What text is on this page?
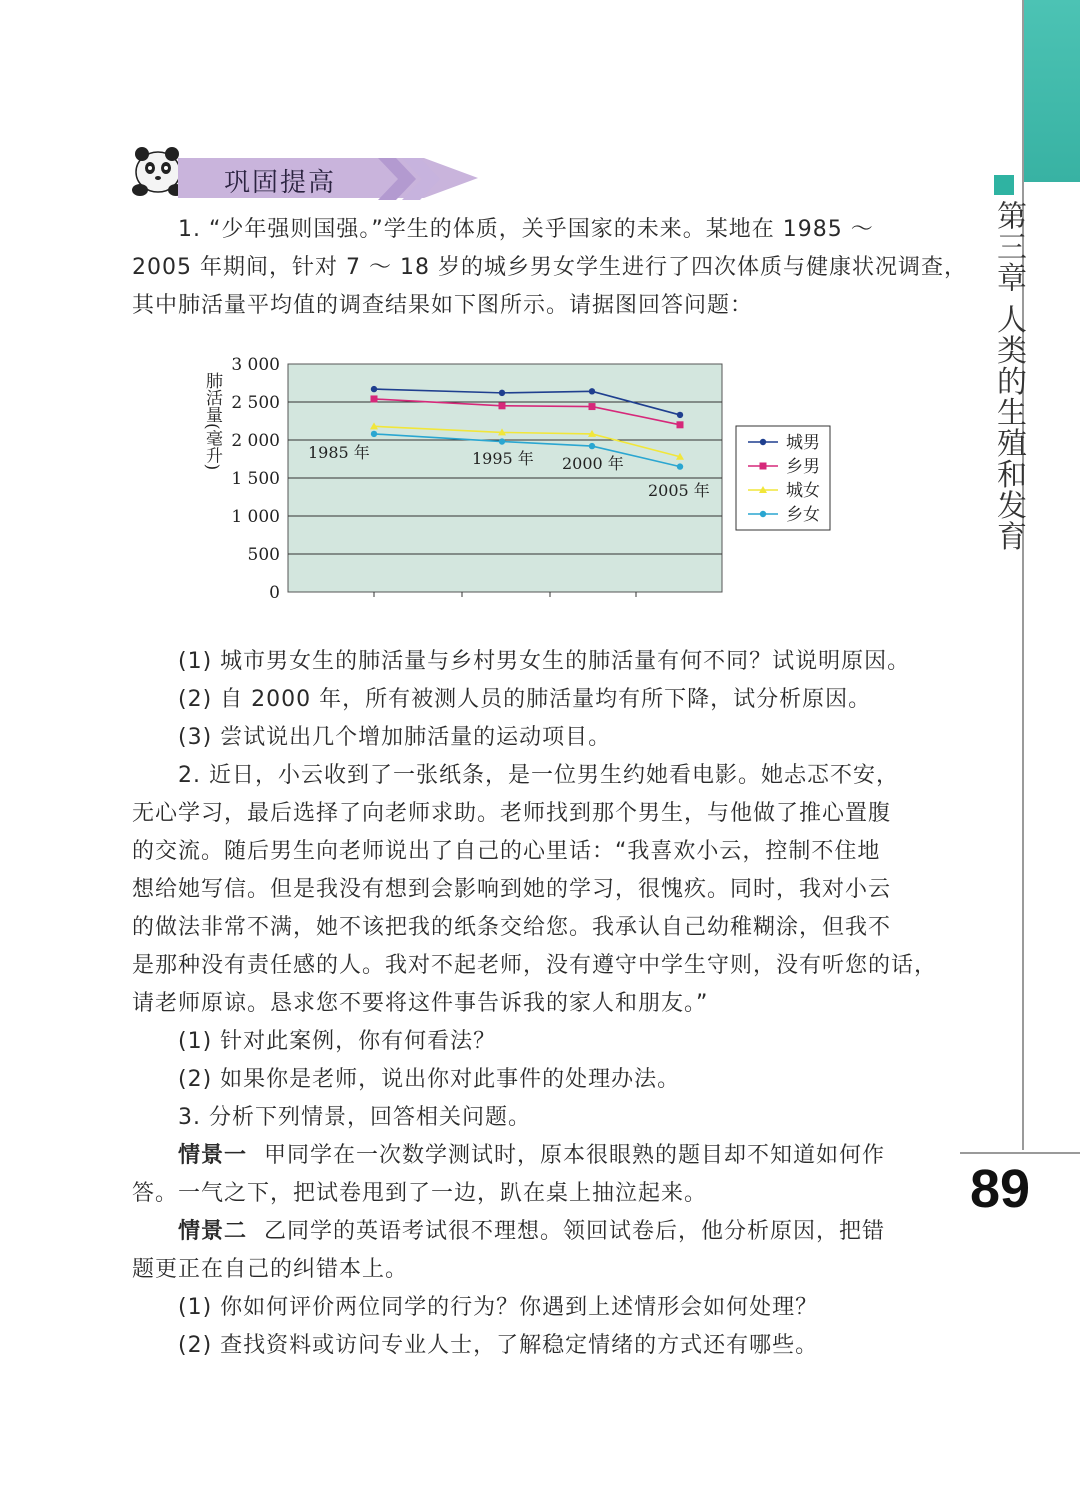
第三章 人类的生殖和发育
89
巩固提高
1. “少年强则国强。”学生的体质，关乎国家的未来。某地在 1985 ～
2005 年期间，针对 7 ～ 18 岁的城乡男女学生进行了四次体质与健康状况调查，
其中肺活量平均值的调查结果如下图所示。请据图回答问题：
0
500
1 000
1 500
2 000
2 500
3 000
肺活量(毫升)	1985 年	1995 年 2000 年
2005 年
城男
乡男
城女
乡女
(1) 城市男女生的肺活量与乡村男女生的肺活量有何不同？试说明原因。
(2) 自 2000 年，所有被测人员的肺活量均有所下降，试分析原因。
(3) 尝试说出几个增加肺活量的运动项目。
2. 近日，小云收到了一张纸条，是一位男生约她看电影。她忐忑不安，
无心学习，最后选择了向老师求助。老师找到那个男生，与他做了推心置腹
的交流。随后男生向老师说出了自己的心里话：“我喜欢小云，控制不住地
想给她写信。但是我没有想到会影响到她的学习，很愧疚。同时，我对小云
的做法非常不满，她不该把我的纸条交给您。我承认自己幼稚糊涂，但我不
是那种没有责任感的人。我对不起老师，没有遵守中学生守则，没有听您的话，
请老师原谅。恳求您不要将这件事告诉我的家人和朋友。”
(1) 针对此案例，你有何看法？
(2) 如果你是老师，说出你对此事件的处理办法。
3. 分析下列情景，回答相关问题。
情景一 甲同学在一次数学测试时，原本很眼熟的题目却不知道如何作
答。一气之下，把试卷甩到了一边，趴在桌上抽泣起来。
情景二 乙同学的英语考试很不理想。领回试卷后，他分析原因，把错
题更正在自己的纠错本上。
(1) 你如何评价两位同学的行为？你遇到上述情形会如何处理？
(2) 查找资料或访问专业人士，了解稳定情绪的方式还有哪些。
